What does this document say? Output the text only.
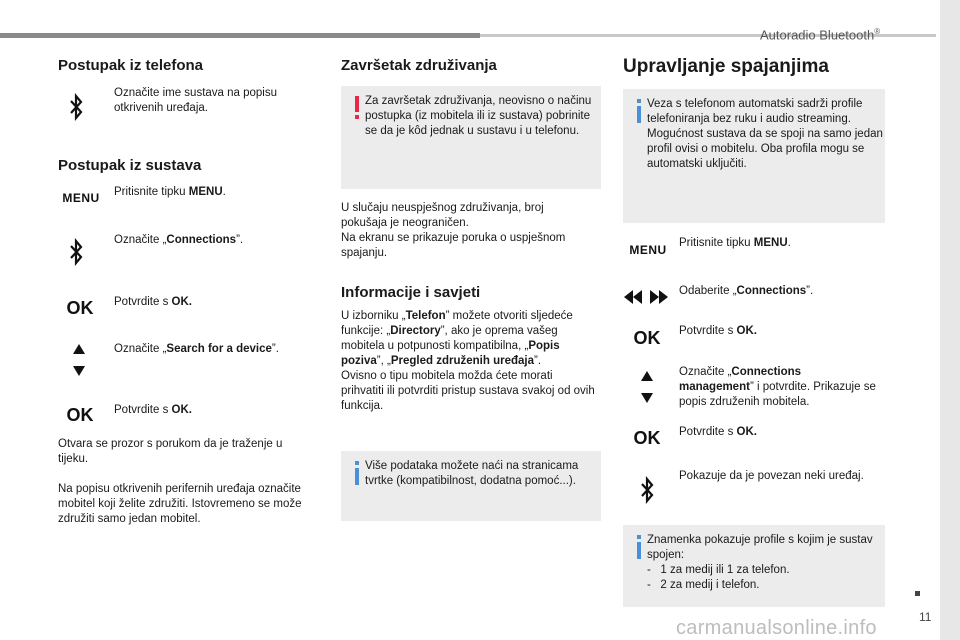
Autoradio Bluetooth®
11
carmanualsonline.info
Postupak iz telefona
Označite ime sustava na popisu otkrivenih uređaja.
Postupak iz sustava
MENU	Pritisnite tipku MENU.
Označite „Connections”.
OK	Potvrdite s OK.
Označite „Search for a device”.
OK	Potvrdite s OK.
Otvara se prozor s porukom da je traženje u tijeku.
Na popisu otkrivenih perifernih uređaja označite mobitel koji želite združiti. Istovremeno se može združiti samo jedan mobitel.
Završetak združivanja
Za završetak združivanja, neovisno o načinu postupka (iz mobitela ili iz sustava) pobrinite se da je kôd jednak u sustavu i u telefonu.
U slučaju neuspješnog združivanja, broj pokušaja je neograničen.
Na ekranu se prikazuje poruka o uspješnom spajanju.
Informacije i savjeti
U izborniku „Telefon” možete otvoriti sljedeće funkcije: „Directory”, ako je oprema vašeg mobitela u potpunosti kompatibilna, „Popis poziva”, „Pregled združenih uređaja”.
Ovisno o tipu mobitela možda ćete morati prihvatiti ili potvrditi pristup sustava svakoj od ovih funkcija.
Više podataka možete naći na stranicama tvrtke (kompatibilnost, dodatna pomoć...).
Upravljanje spajanjima
Veza s telefonom automatski sadrži profile telefoniranja bez ruku i audio streaming. Mogućnost sustava da se spoji na samo jedan profil ovisi o mobitelu. Oba profila mogu se automatski uključiti.
MENU	Pritisnite tipku MENU.
Odaberite „Connections”.
OK	Potvrdite s OK.
Označite „Connections management” i potvrdite. Prikazuje se popis združenih mobitela.
OK	Potvrdite s OK.
Pokazuje da je povezan neki uređaj.
Znamenka pokazuje profile s kojim je sustav spojen:
-   1 za medij ili 1 za telefon.
-   2 za medij i telefon.
